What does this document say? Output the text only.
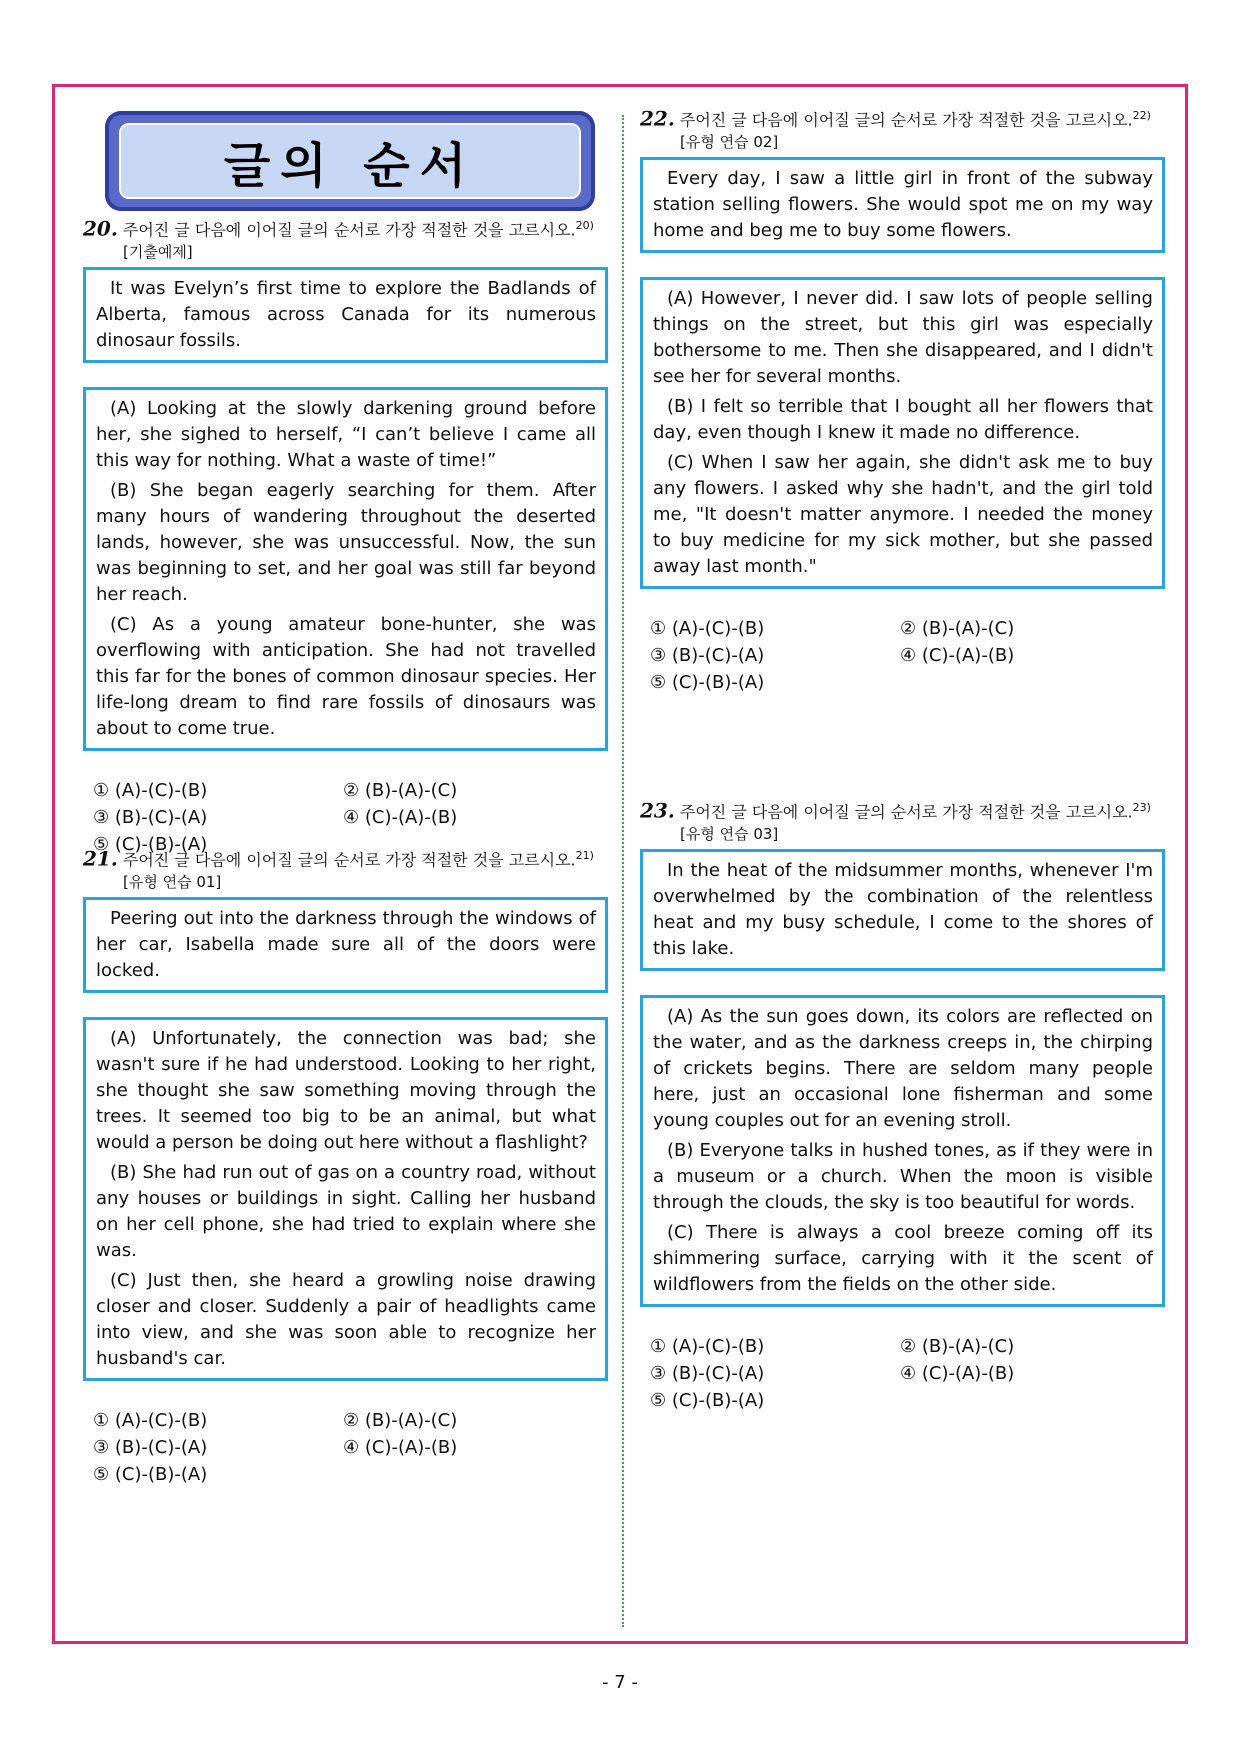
글의 순서
20. 주어진 글 다음에 이어질 글의 순서로 가장 적절한 것을 고르시오.$^{20)}$
[기출예제]

It was Evelyn’s first time to explore the Badlands of Alberta, famous across Canada for its numerous dinosaur fossils.

(A) Looking at the slowly darkening ground before her, she sighed to herself, “I can’t believe I came all this way for nothing. What a waste of time!”

(B) She began eagerly searching for them. After many hours of wandering throughout the deserted lands, however, she was unsuccessful. Now, the sun was beginning to set, and her goal was still far beyond her reach.

(C) As a young amateur bone-hunter, she was overflowing with anticipation. She had not travelled this far for the bones of common dinosaur species. Her life-long dream to find rare fossils of dinosaurs was about to come true.

① (A)-(C)-(B)	② (B)-(A)-(C)
③ (B)-(C)-(A)	④ (C)-(A)-(B)
⑤ (C)-(B)-(A)
21. 주어진 글 다음에 이어질 글의 순서로 가장 적절한 것을 고르시오.$^{21)}$
[유형 연습 01]

Peering out into the darkness through the windows of her car, Isabella made sure all of the doors were locked.

(A) Unfortunately, the connection was bad; she wasn't sure if he had understood. Looking to her right, she thought she saw something moving through the trees. It seemed too big to be an animal, but what would a person be doing out here without a flashlight?

(B) She had run out of gas on a country road, without any houses or buildings in sight. Calling her husband on her cell phone, she had tried to explain where she was.

(C) Just then, she heard a growling noise drawing closer and closer. Suddenly a pair of headlights came into view, and she was soon able to recognize her husband's car.

① (A)-(C)-(B)	② (B)-(A)-(C)
③ (B)-(C)-(A)	④ (C)-(A)-(B)
⑤ (C)-(B)-(A)
22. 주어진 글 다음에 이어질 글의 순서로 가장 적절한 것을 고르시오.$^{22)}$
[유형 연습 02]

Every day, I saw a little girl in front of the subway station selling flowers. She would spot me on my way home and beg me to buy some flowers.

(A) However, I never did. I saw lots of people selling things on the street, but this girl was especially bothersome to me. Then she disappeared, and I didn't see her for several months.

(B) I felt so terrible that I bought all her flowers that day, even though I knew it made no difference.

(C) When I saw her again, she didn't ask me to buy any flowers. I asked why she hadn't, and the girl told me, "It doesn't matter anymore. I needed the money to buy medicine for my sick mother, but she passed away last month."

① (A)-(C)-(B)	② (B)-(A)-(C)
③ (B)-(C)-(A)	④ (C)-(A)-(B)
⑤ (C)-(B)-(A)
23. 주어진 글 다음에 이어질 글의 순서로 가장 적절한 것을 고르시오.$^{23)}$
[유형 연습 03]

In the heat of the midsummer months, whenever I'm overwhelmed by the combination of the relentless heat and my busy schedule, I come to the shores of this lake.

(A) As the sun goes down, its colors are reflected on the water, and as the darkness creeps in, the chirping of crickets begins. There are seldom many people here, just an occasional lone fisherman and some young couples out for an evening stroll.

(B) Everyone talks in hushed tones, as if they were in a museum or a church. When the moon is visible through the clouds, the sky is too beautiful for words.

(C) There is always a cool breeze coming off its shimmering surface, carrying with it the scent of wildflowers from the fields on the other side.

① (A)-(C)-(B)	② (B)-(A)-(C)
③ (B)-(C)-(A)	④ (C)-(A)-(B)
⑤ (C)-(B)-(A)
- 7 -
